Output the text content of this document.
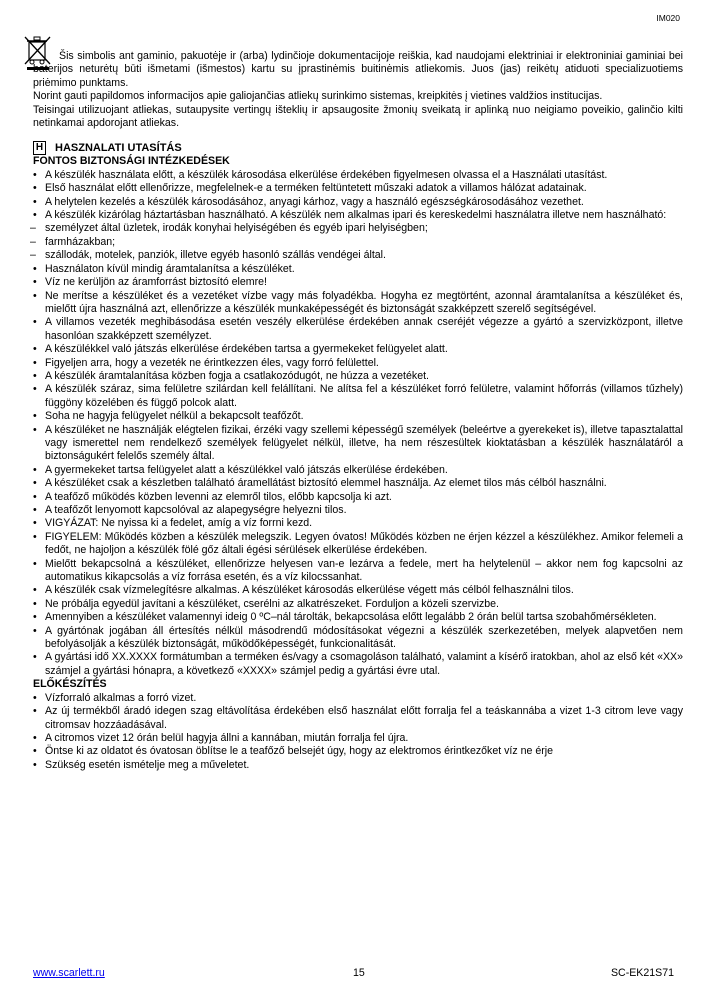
IM020

Šis simbolis ant gaminio, pakuotėje ir (arba) lydinčioje dokumentacijoje reiškia, kad naudojami elektriniai ir elektroniniai gaminiai bei baterijos neturėtų būti išmetami (išmestos) kartu su įprastinėmis buitinėmis atliekomis. Juos (jas) reikėtų atiduoti specializuotiems priėmimo punktams.

Norint gauti papildomos informacijos apie galiojančias atliekų surinkimo sistemas, kreipkitės į vietines valdžios institucijas.

Teisingai utilizuojant atliekas, sutaupysite vertingų išteklių ir apsaugosite žmonių sveikatą ir aplinką nuo neigiamo poveikio, galinčio kilti netinkamai apdorojant atliekas.

H HASZNALATI UTASÍTÁS

FONTOS BIZTONSÁGI INTÉZKEDÉSEK

• A készülék használata előtt, a készülék károsodása elkerülése érdekében figyelmesen olvassa el a Használati utasítást.
• Első használat előtt ellenőrizze, megfelelnek-e a terméken feltüntetett műszaki adatok a villamos hálózat adatainak.
• A helytelen kezelés a készülék károsodásához, anyagi kárhoz, vagy a használó egészségkárosodásához vezethet.
• A készülék kizárólag háztartásban használható. A készülék nem alkalmas ipari és kereskedelmi használatra illetve nem használható:
– személyzet által üzletek, irodák konyhai helyiségében és egyéb ipari helyiségben;
– farmházakban;
– szállodák, motelek, panziók, illetve egyéb hasonló szállás vendégei által.
• Használaton kívül mindig áramtalanítsa a készüléket.
• Víz ne kerüljön az áramforrást biztosító elemre!
• Ne merítse a készüléket és a vezetéket vízbe vagy más folyadékba. Hogyha ez megtörtént, azonnal áramtalanítsa a készüléket és, mielőtt újra használná azt, ellenőrizze a készülék munkaképességét és biztonságát szakképzett szerelő segítségével.
• A villamos vezeték meghibásodása esetén veszély elkerülése érdekében annak cseréjét végezze a gyártó a szervizközpont, illetve hasonlóan szakképzett személyzet.
• A készülékkel való játszás elkerülése érdekében tartsa a gyermekeket felügyelet alatt.
• Figyeljen arra, hogy a vezeték ne érintkezzen éles, vagy forró felülettel.
• A készülék áramtalanítása közben fogja a csatlakozódugót, ne húzza a vezetéket.
• A készülék száraz, sima felületre szilárdan kell felállítani. Ne alítsa fel a készüléket forró felületre, valamint hőforrás (villamos tűzhely) függöny közelében és függő polcok alatt.
• Soha ne hagyja felügyelet nélkül a bekapcsolt teafőzőt.
• A készüléket ne használják elégtelen fizikai, érzéki vagy szellemi képességű személyek (beleértve a gyerekeket is), illetve tapasztalattal vagy ismerettel nem rendelkező személyek felügyelet nélkül, illetve, ha nem részesültek kioktatásban a készülék használatáról a biztonságukért felelős személy által.
• A gyermekeket tartsa felügyelet alatt a készülékkel való játszás elkerülése érdekében.
• A készüléket csak a készletben található áramellátást biztosító elemmel használja. Az elemet tilos más célból használni.
• A teafőző működés közben levenni az elemről tilos, előbb kapcsolja ki azt.
• A teafőzőt lenyomott kapcsolóval az alapegységre helyezni tilos.
• VIGYÁZAT: Ne nyissa ki a fedelet, amíg a víz forrni kezd.
• FIGYELEM: Működés közben a készülék melegszik. Legyen óvatos! Működés közben ne érjen kézzel a készülékhez. Amikor felemeli a fedőt, ne hajoljon a készülék fölé gőz általi égési sérülések elkerülése érdekében.
• Mielőtt bekapcsolná a készüléket, ellenőrizze helyesen van-e lezárva a fedele, mert ha helytelenül – akkor nem fog kapcsolni az automatikus kikapcsolás a víz forrása esetén, és a víz kilocssanhat.
• A készülék csak vízmelegítésre alkalmas. A készüléket károsodás elkerülése végett más célból felhasználni tilos.
• Ne próbálja egyedül javítani a készüléket, cserélni az alkatrészeket. Forduljon a közeli szervizbe.
• Amennyiben a készüléket valamennyi ideig 0 ºC–nál tárolták, bekapcsolása előtt legalább 2 órán belül tartsa szobahőmérsékleten.
• A gyártónak jogában áll értesítés nélkül másodrendű módosításokat végezni a készülék szerkezetében, melyek alapvetően nem befolyásolják a készülék biztonságát, működőképességét, funkcionalitását.
• A gyártási idő XX.XXXX formátumban a terméken és/vagy a csomagoláson található, valamint a kísérő iratokban, ahol az első két «XX» számjel a gyártási hónapra, a következő «XXXX» számjel pedig a gyártási évre utal.

ELŐKÉSZÍTÉS

• Vízforraló alkalmas a forró vizet.
• Az új termékből áradó idegen szag eltávolítása érdekében első használat előtt forralja fel a teáskannába a vizet 1-3 citrom leve vagy citromsav hozzáadásával.
• A citromos vizet 12 órán belül hagyja állni a kannában, miután forralja fel újra.
• Öntse ki az oldatot és óvatosan öblítse le a teafőző belsejét úgy, hogy az elektromos érintkezőket víz ne érje
• Szükség esetén ismételje meg a műveletet.
www.scarlett.ru	15	SC-EK21S71
